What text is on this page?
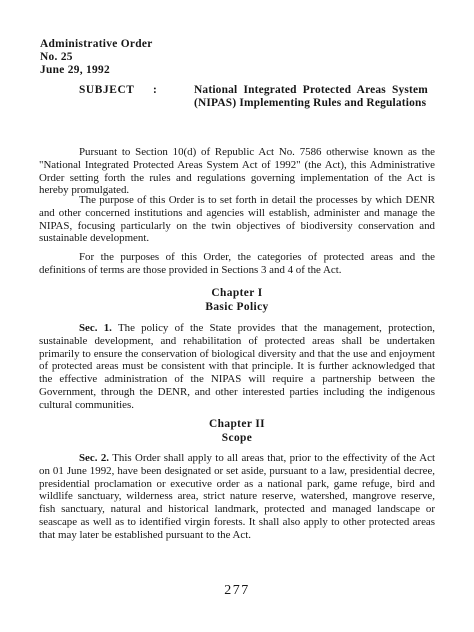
Administrative Order
No. 25
June 29, 1992
SUBJECT :	National Integrated Protected Areas System (NIPAS) Implementing Rules and Regulations
Pursuant to Section 10(d) of Republic Act No. 7586 otherwise known as the "National Integrated Protected Areas System Act of 1992" (the Act), this Administrative Order setting forth the rules and regulations governing implementation of the Act is hereby promulgated.
The purpose of this Order is to set forth in detail the processes by which DENR and other concerned institutions and agencies will establish, administer and manage the NIPAS, focusing particularly on the twin objectives of biodiversity conservation and sustainable development.
For the purposes of this Order, the categories of protected areas and the definitions of terms are those provided in Sections 3 and 4 of the Act.
Chapter I
Basic Policy
Sec. 1. The policy of the State provides that the management, protection, sustainable development, and rehabilitation of protected areas shall be undertaken primarily to ensure the conservation of biological diversity and that the use and enjoyment of protected areas must be consistent with that principle. It is further acknowledged that the effective administration of the NIPAS will require a partnership between the Government, through the DENR, and other interested parties including the indigenous cultural communities.
Chapter II
Scope
Sec. 2. This Order shall apply to all areas that, prior to the effectivity of the Act on 01 June 1992, have been designated or set aside, pursuant to a law, presidential decree, presidential proclamation or executive order as a national park, game refuge, bird and wildlife sanctuary, wilderness area, strict nature reserve, watershed, mangrove reserve, fish sanctuary, natural and historical landmark, protected and managed landscape or seascape as well as to identified virgin forests. It shall also apply to other protected areas that may later be established pursuant to the Act.
277
